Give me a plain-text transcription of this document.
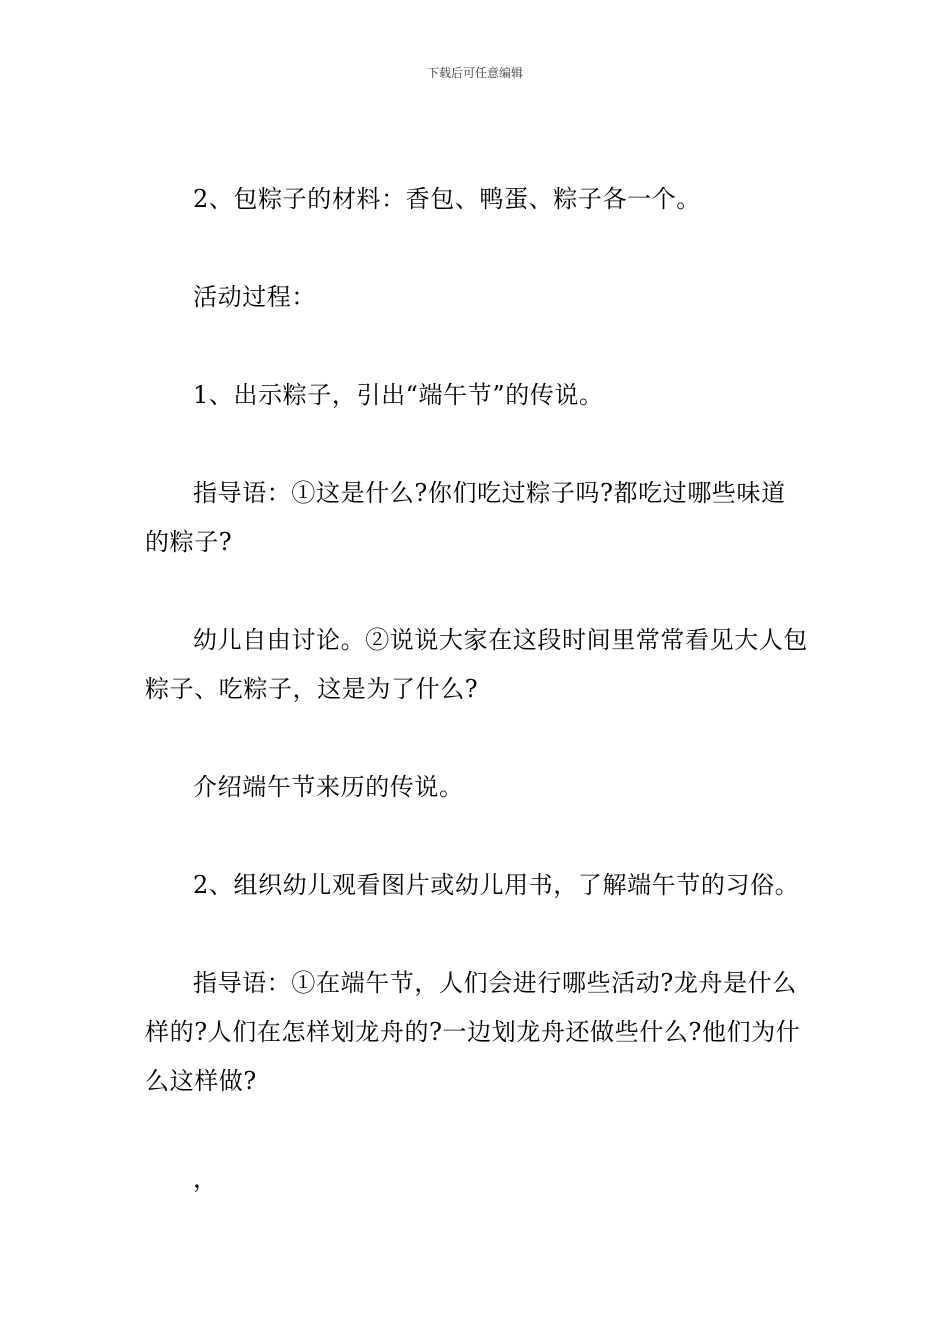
下载后可任意编辑

2、包粽子的材料：香包、鸭蛋、粽子各一个。

活动过程：

1、出示粽子，引出“端午节”的传说。

指导语：①这是什么?你们吃过粽子吗?都吃过哪些味道的粽子?

幼儿自由讨论。②说说大家在这段时间里常常看见大人包粽子、吃粽子，这是为了什么?

介绍端午节来历的传说。

2、组织幼儿观看图片或幼儿用书，了解端午节的习俗。

指导语：①在端午节，人们会进行哪些活动?龙舟是什么样的?人们在怎样划龙舟的?一边划龙舟还做些什么?他们为什么这样做?

，
